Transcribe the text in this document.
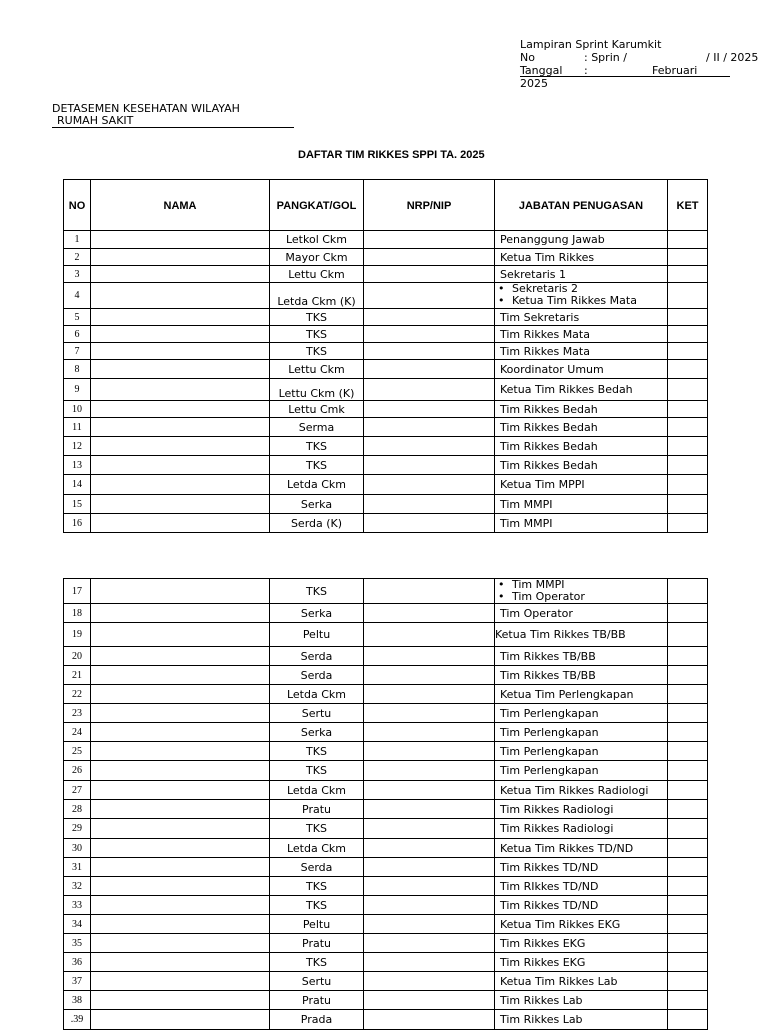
Lampiran Sprint Karumkit
No	: Sprin /	/ II / 2025
Tanggal :	Februari
2025
DETASEMEN KESEHATAN WILAYAH
RUMAH SAKIT
DAFTAR TIM RIKKES SPPI TA. 2025
NO	NAMA	PANGKAT/GOL	NRP/NIP	JABATAN PENUGASAN	KET
1		Letkol Ckm		Penanggung Jawab	
2		Mayor Ckm		Ketua Tim Rikkes	
3		Lettu Ckm		Sekretaris 1	
4		Letda Ckm (K)		• Sekretaris 2
• Ketua Tim Rikkes Mata	

5		TKS		Tim Sekretaris	
6		TKS		Tim Rikkes Mata	
7		TKS		Tim Rikkes Mata	
8		Lettu Ckm		Koordinator Umum	
9		Lettu Ckm (K)		Ketua Tim Rikkes Bedah	
10		Lettu Cmk		Tim Rikkes Bedah	
11		Serma		Tim Rikkes Bedah	
12		TKS		Tim Rikkes Bedah	
13		TKS		Tim Rikkes Bedah	
14		Letda Ckm		Ketua Tim MPPI	
15		Serka		Tim MMPI	
16		Serda (K)		Tim MMPI	
17		TKS		• Tim MMPI
• Tim Operator	

18		Serka		Tim Operator	
19		Peltu		Ketua Tim Rikkes TB/BB	
20		Serda		Tim Rikkes TB/BB	
21		Serda		Tim Rikkes TB/BB	
22		Letda Ckm		Ketua Tim Perlengkapan	
23		Sertu		Tim Perlengkapan	
24		Serka		Tim Perlengkapan	
25		TKS		Tim Perlengkapan	
26		TKS		Tim Perlengkapan	
27		Letda Ckm		Ketua Tim Rikkes Radiologi	
28		Pratu		Tim Rikkes Radiologi	
29		TKS		Tim Rikkes Radiologi	
30		Letda Ckm		Ketua Tim Rikkes TD/ND	
31		Serda		Tim Rikkes TD/ND	
32		TKS		Tim RIkkes TD/ND	
33		TKS		Tim Rikkes TD/ND	
34		Peltu		Ketua Tim Rikkes EKG	
35		Pratu		Tim Rikkes EKG	
36		TKS		Tim Rikkes EKG	
37		Sertu		Ketua Tim Rikkes Lab	
38		Pratu		Tim Rikkes Lab	
.39		Prada		Tim Rikkes Lab	
